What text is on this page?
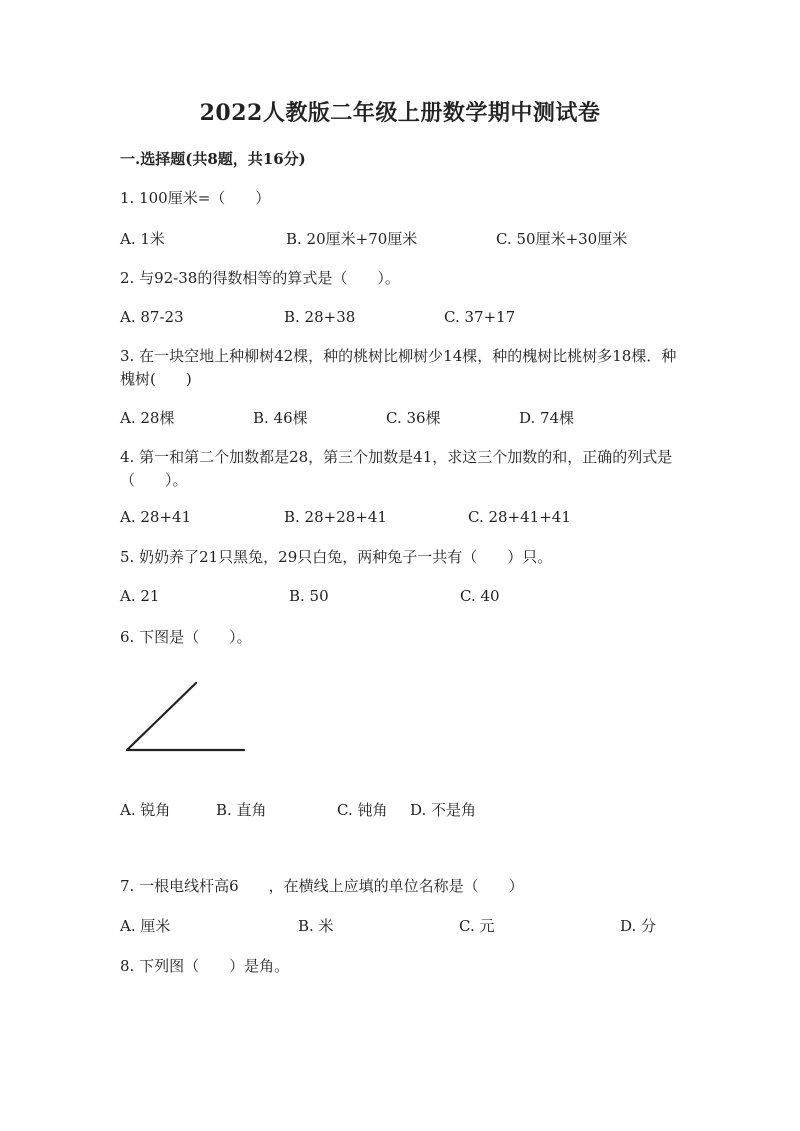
2022人教版二年级上册数学期中测试卷
一.选择题(共8题，共16分)
1. 100厘米=（　　）
A. 1米	B. 20厘米+70厘米	C. 50厘米+30厘米
2. 与92-38的得数相等的算式是（　　）。
A. 87-23	B. 28+38	C. 37+17
3. 在一块空地上种柳树42棵，种的桃树比柳树少14棵，种的槐树比桃树多18棵．种槐树(　　)
A. 28棵	B. 46棵	C. 36棵	D. 74棵
4. 第一和第二个加数都是28，第三个加数是41，求这三个加数的和，正确的列式是（　　）。
A. 28+41	B. 28+28+41	C. 28+41+41
5. 奶奶养了21只黑兔，29只白兔，两种兔子一共有（　　）只。
A. 21	B. 50	C. 40
6. 下图是（　　）。
A. 锐角	B. 直角	C. 钝角 D. 不是角
7. 一根电线杆高6　　，在横线上应填的单位名称是（　　）
A. 厘米	B. 米	C. 元	D. 分
8. 下列图（　　）是角。
